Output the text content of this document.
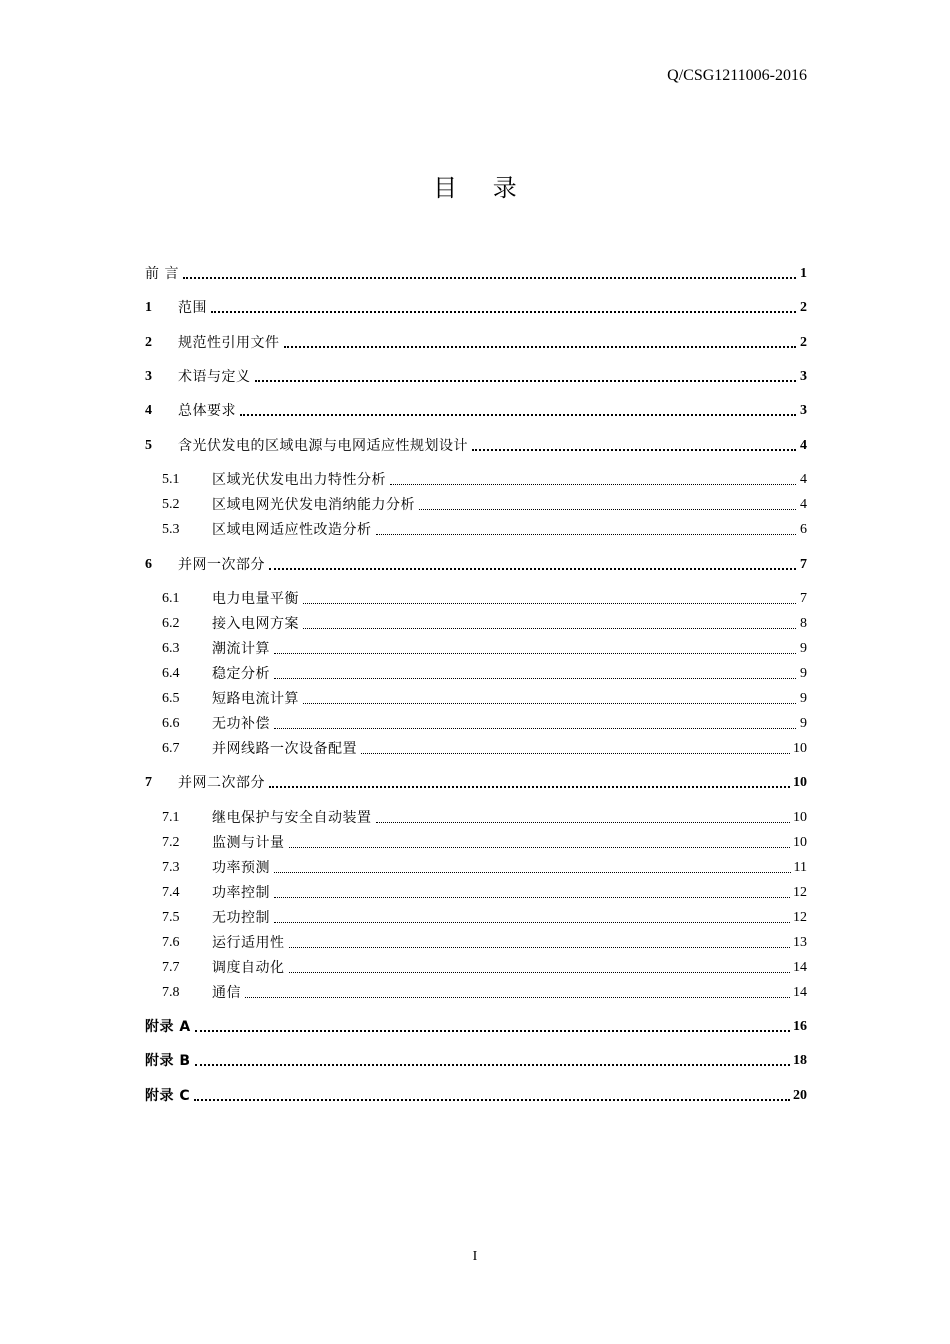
Q/CSG1211006-2016
目 录
前 言	1
1	范围	2
2	规范性引用文件	2
3	术语与定义	3
4	总体要求	3
5	含光伏发电的区域电源与电网适应性规划设计	4
5.1	区域光伏发电出力特性分析	4
5.2	区域电网光伏发电消纳能力分析	4
5.3	区域电网适应性改造分析	6
6	并网一次部分	7
6.1	电力电量平衡	7
6.2	接入电网方案	8
6.3	潮流计算	9
6.4	稳定分析	9
6.5	短路电流计算	9
6.6	无功补偿	9
6.7	并网线路一次设备配置	10
7	并网二次部分	10
7.1	继电保护与安全自动装置	10
7.2	监测与计量	10
7.3	功率预测	11
7.4	功率控制	12
7.5	无功控制	12
7.6	运行适用性	13
7.7	调度自动化	14
7.8	通信	14
附录 A	16
附录 B	18
附录 C	20
I
